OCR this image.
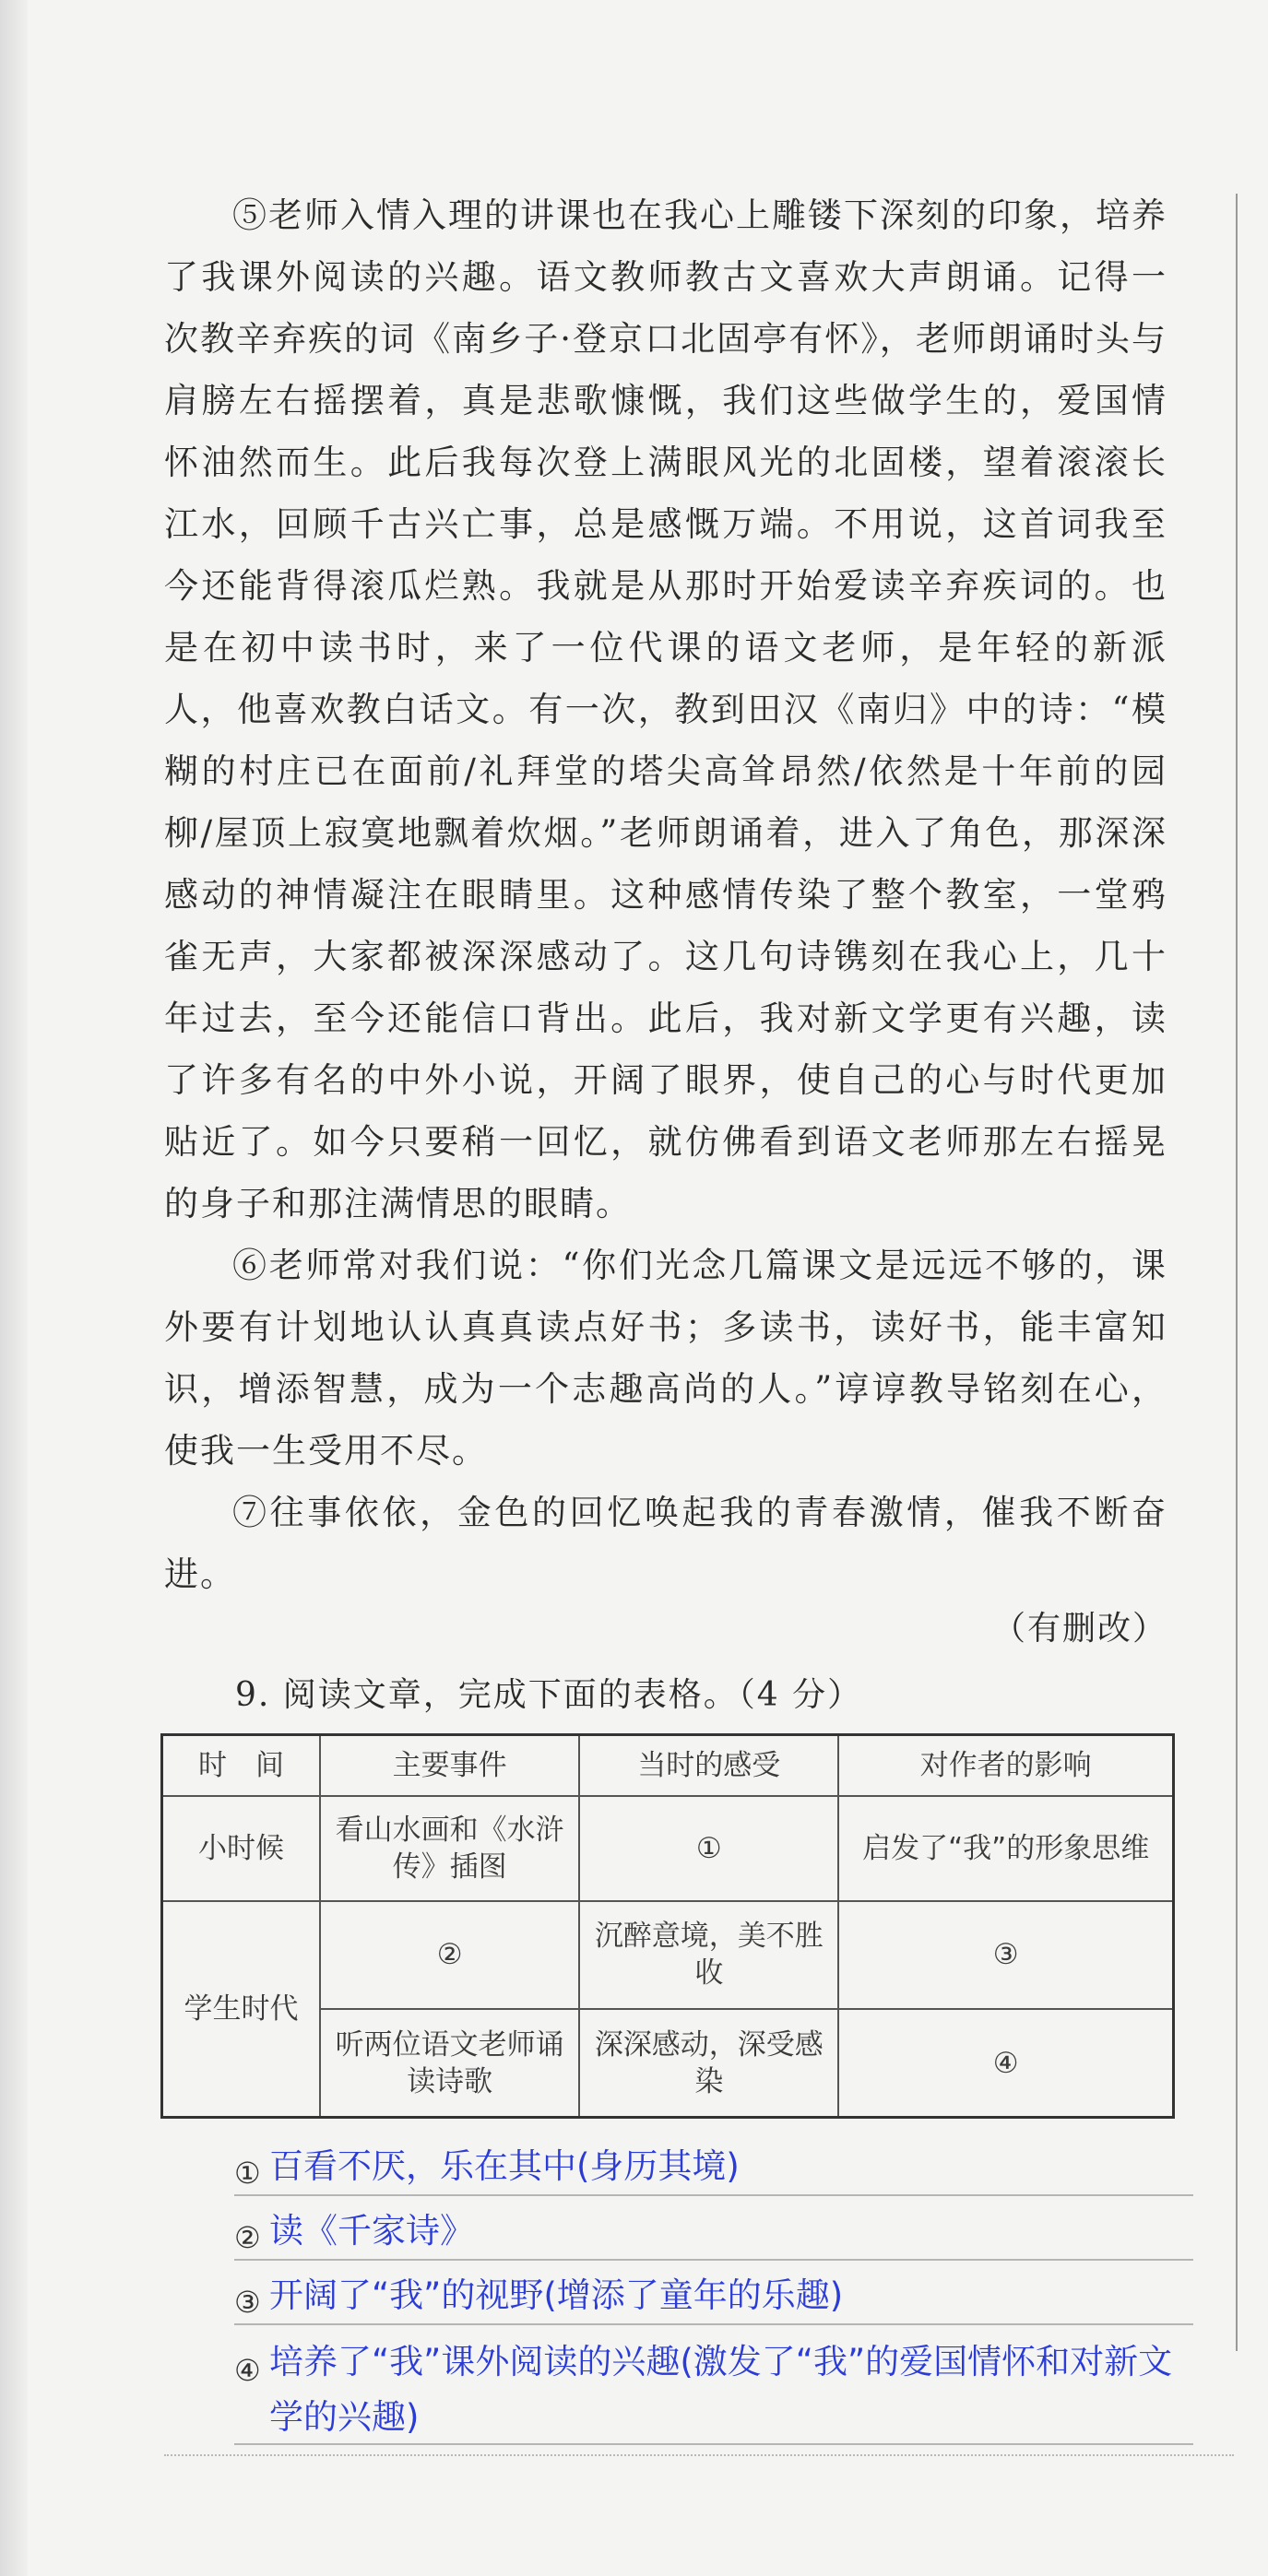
⑤老师入情入理的讲课也在我心上雕镂下深刻的印象，培养了我课外阅读的兴趣。语文教师教古文喜欢大声朗诵。记得一次教辛弃疾的词《南乡子·登京口北固亭有怀》，老师朗诵时头与肩膀左右摇摆着，真是悲歌慷慨，我们这些做学生的，爱国情怀油然而生。此后我每次登上满眼风光的北固楼，望着滚滚长江水，回顾千古兴亡事，总是感慨万端。不用说，这首词我至今还能背得滚瓜烂熟。我就是从那时开始爱读辛弃疾词的。也是在初中读书时，来了一位代课的语文老师，是年轻的新派人，他喜欢教白话文。有一次，教到田汉《南归》中的诗：“模糊的村庄已在面前/礼拜堂的塔尖高耸昂然/依然是十年前的园柳/屋顶上寂寞地飘着炊烟。”老师朗诵着，进入了角色，那深深感动的神情凝注在眼睛里。这种感情传染了整个教室，一堂鸦雀无声，大家都被深深感动了。这几句诗镌刻在我心上，几十年过去，至今还能信口背出。此后，我对新文学更有兴趣，读了许多有名的中外小说，开阔了眼界，使自己的心与时代更加贴近了。如今只要稍一回忆，就仿佛看到语文老师那左右摇晃的身子和那注满情思的眼睛。

⑥老师常对我们说：“你们光念几篇课文是远远不够的，课外要有计划地认认真真读点好书；多读书，读好书，能丰富知识，增添智慧，成为一个志趣高尚的人。”谆谆教导铭刻在心，使我一生受用不尽。

⑦往事依依，金色的回忆唤起我的青春激情，催我不断奋进。

（有删改）
9. 阅读文章，完成下面的表格。（4 分）
时　间	主要事件	当时的感受	对作者的影响
小时候	看山水画和《水浒传》插图	①	启发了“我”的形象思维
学生时代	②	沉醉意境，美不胜收	③
	听两位语文老师诵读诗歌	深深感动，深受感染	④
① 百看不厌，乐在其中(身历其境)
② 读《千家诗》
③ 开阔了“我”的视野(增添了童年的乐趣)
④ 培养了“我”课外阅读的兴趣(激发了“我”的爱国情怀和对新文学的兴趣)
